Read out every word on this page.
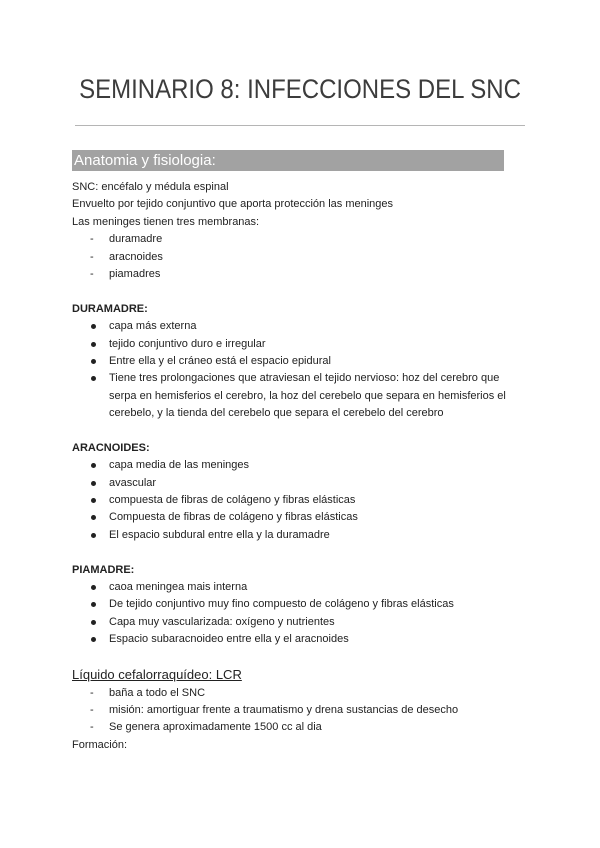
SEMINARIO 8: INFECCIONES DEL SNC
Anatomia y fisiologia:
SNC: encéfalo y médula espinal
Envuelto por tejido conjuntivo que aporta protección las meninges
Las meninges tienen tres membranas:
- duramadre
- aracnoides
- piamadres
DURAMADRE:
capa más externa
tejido conjuntivo duro e irregular
Entre ella y el cráneo está el espacio epidural
Tiene tres prolongaciones que atraviesan el tejido nervioso: hoz del cerebro que
serpa en hemisferios el cerebro, la hoz del cerebelo que separa en hemisferios el
cerebelo, y la tienda del cerebelo que separa el cerebelo del cerebro
ARACNOIDES:
capa media de las meninges
avascular
compuesta de fibras de colágeno y fibras elásticas
Compuesta de fibras de colágeno y fibras elásticas
El espacio subdural entre ella y la duramadre
PIAMADRE:
caoa meningea mais interna
De tejido conjuntivo muy fino compuesto de colágeno y fibras elásticas
Capa muy vascularizada: oxígeno y nutrientes
Espacio subaracnoideo entre ella y el aracnoides
Líquido cefalorraquídeo: LCR
- baña a todo el SNC
- misión: amortiguar frente a traumatismo y drena sustancias de desecho
- Se genera aproximadamente 1500 cc al dia
Formación:
